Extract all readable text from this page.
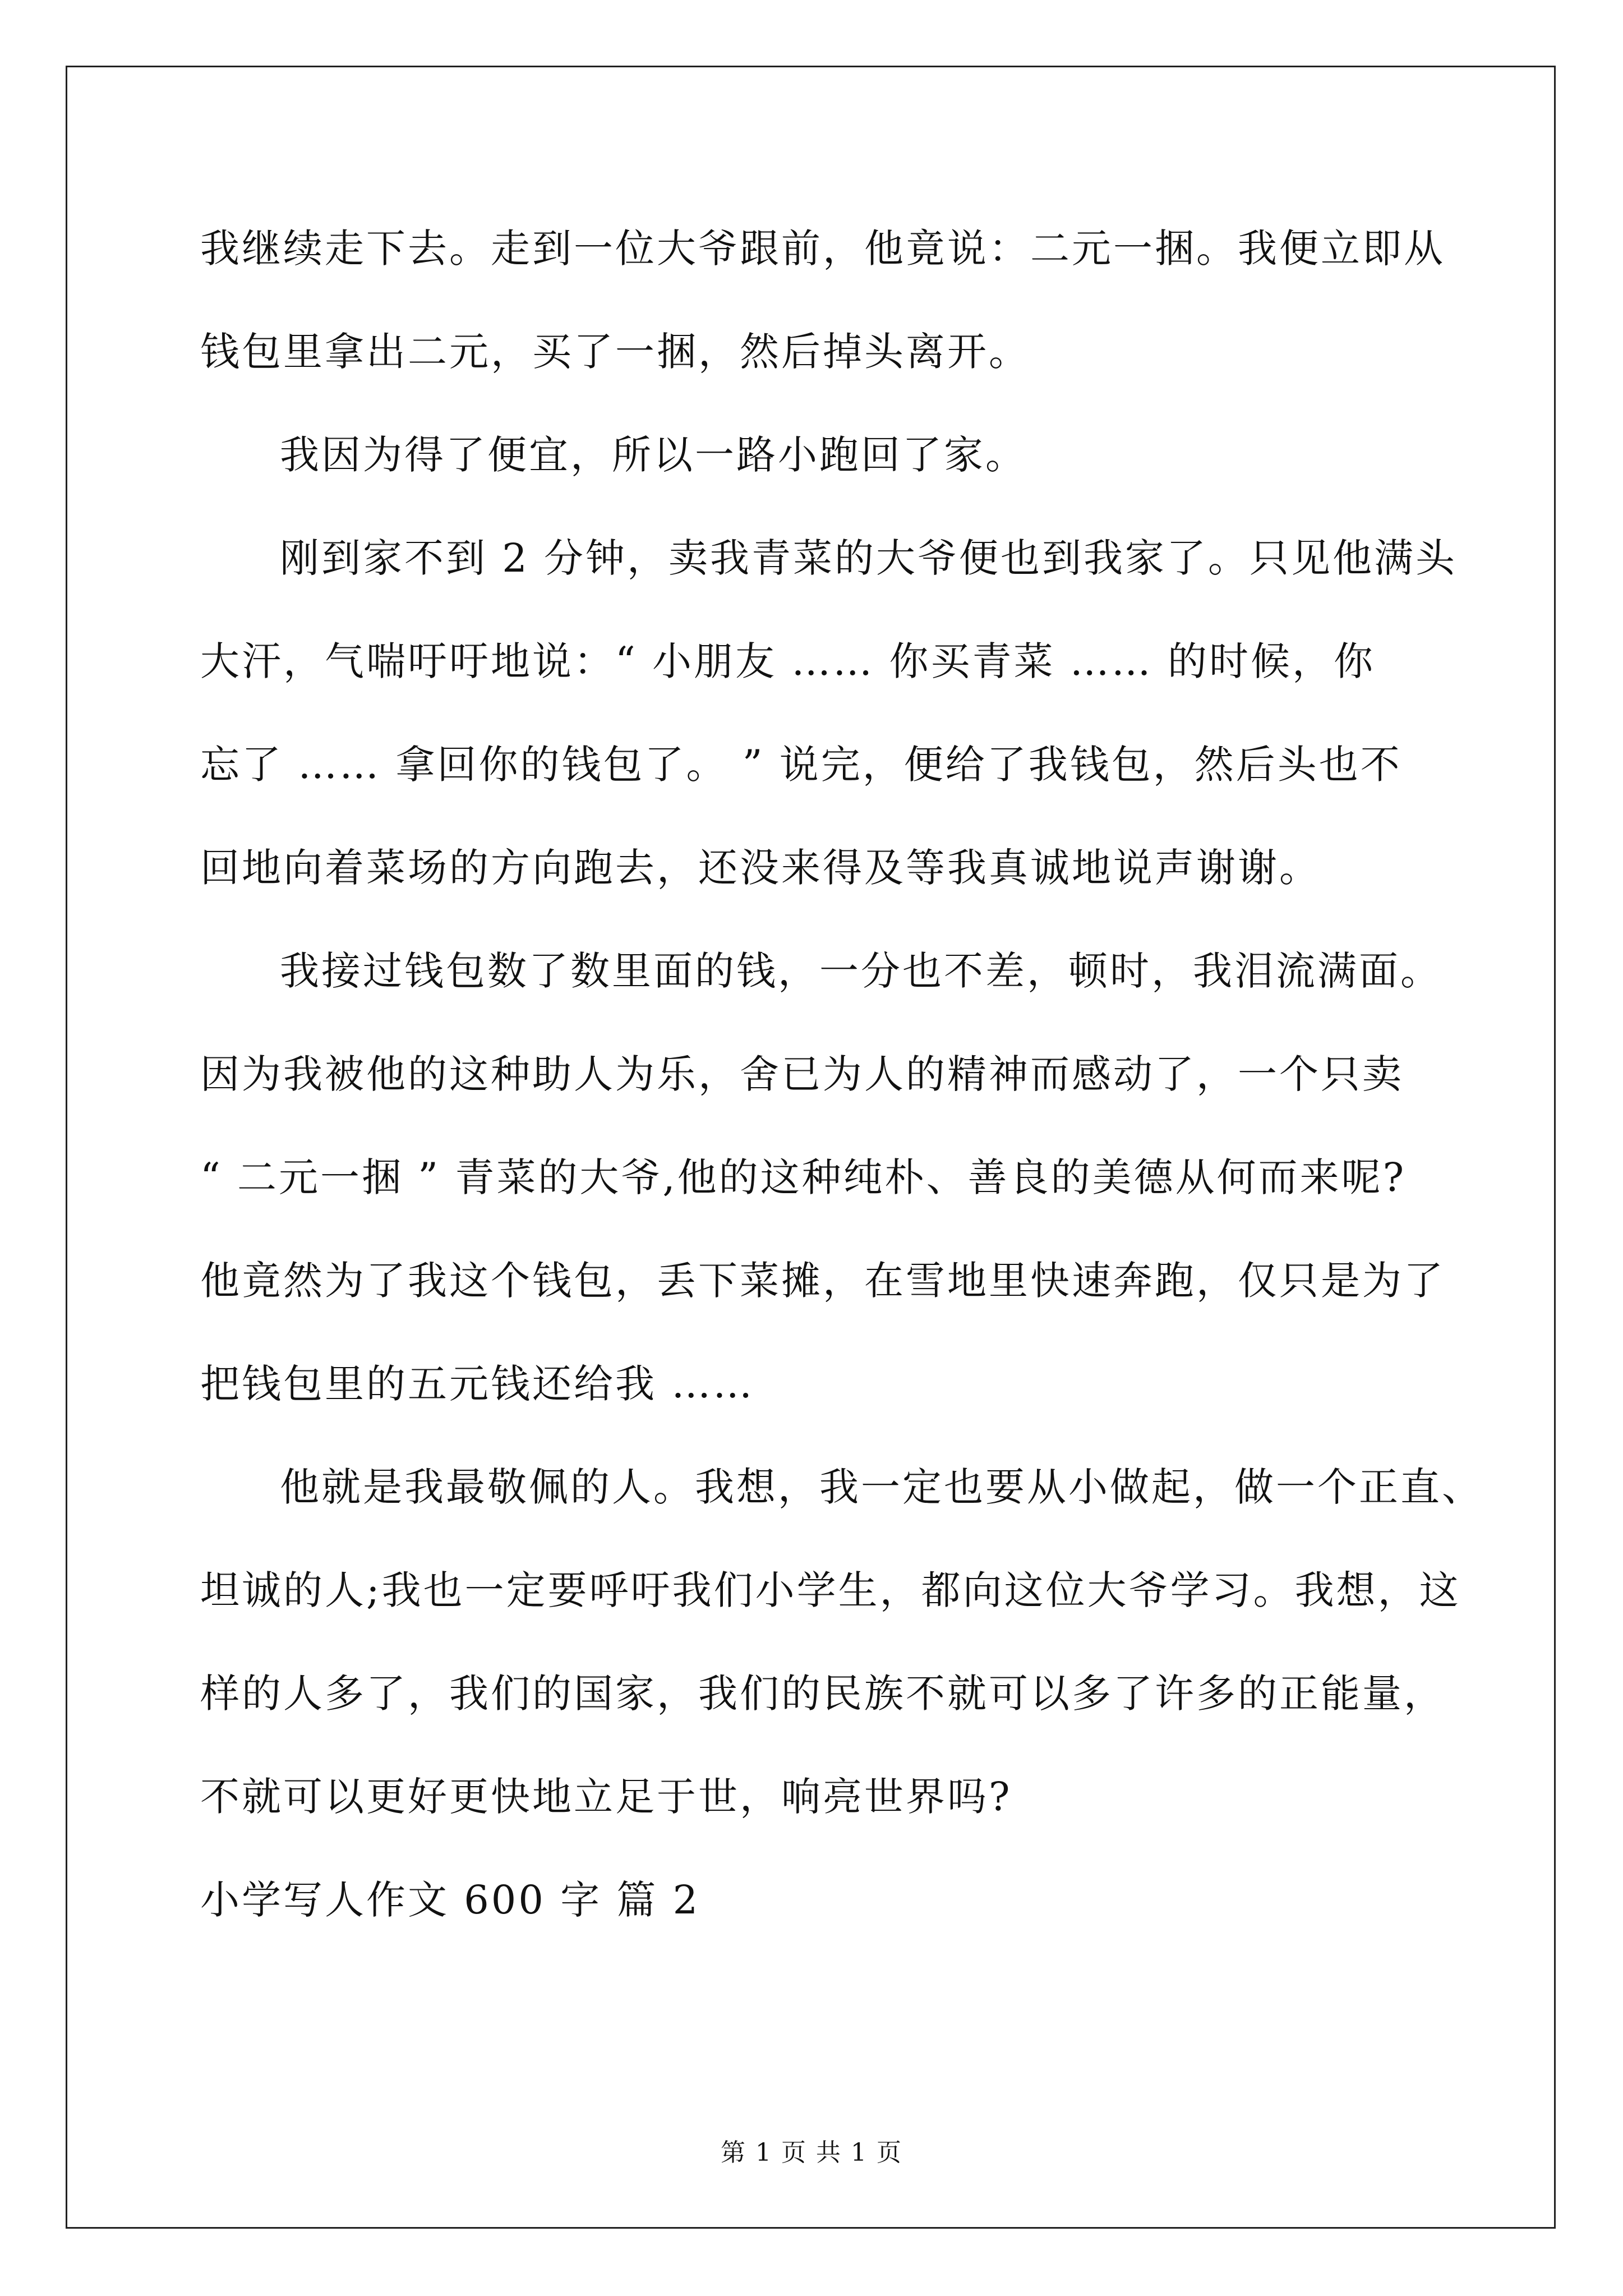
我继续走下去。走到一位大爷跟前，他竟说：二元一捆。我便立即从
钱包里拿出二元，买了一捆，然后掉头离开。
我因为得了便宜，所以一路小跑回了家。
刚到家不到 2 分钟，卖我青菜的大爷便也到我家了。只见他满头
大汗，气喘吁吁地说：“ 小朋友 …… 你买青菜 …… 的时候，你
忘了 …… 拿回你的钱包了。 ” 说完，便给了我钱包，然后头也不
回地向着菜场的方向跑去，还没来得及等我真诚地说声谢谢。
我接过钱包数了数里面的钱，一分也不差，顿时，我泪流满面。
因为我被他的这种助人为乐，舍已为人的精神而感动了，一个只卖
“ 二元一捆 ” 青菜的大爷,他的这种纯朴、善良的美德从何而来呢?
他竟然为了我这个钱包，丢下菜摊，在雪地里快速奔跑，仅只是为了
把钱包里的五元钱还给我 ……
他就是我最敬佩的人。我想，我一定也要从小做起，做一个正直、
坦诚的人;我也一定要呼吁我们小学生，都向这位大爷学习。我想，这
样的人多了，我们的国家，我们的民族不就可以多了许多的正能量，
不就可以更好更快地立足于世，响亮世界吗?
小学写人作文 600 字 篇 2
第 1 页 共 1 页
